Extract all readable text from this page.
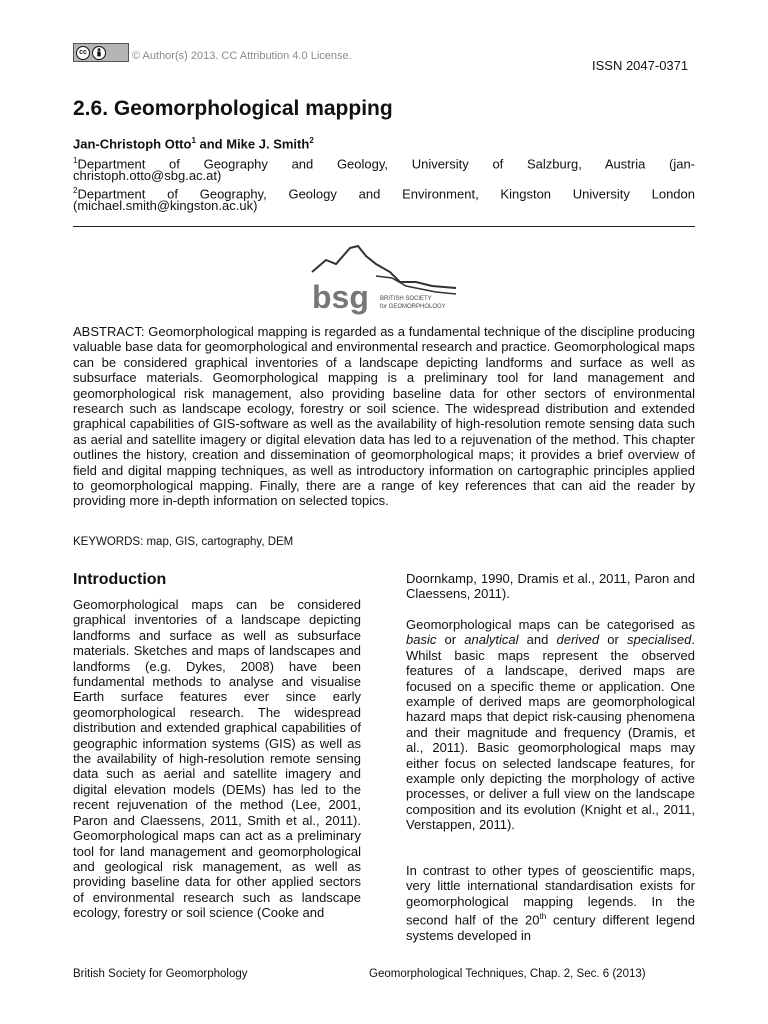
cc	© Author(s) 2013. CC Attribution 4.0 License.
ISSN 2047-0371
2.6. Geomorphological mapping
Jan-Christoph Otto$^1$ and Mike J. Smith$^2$
$^1$Department of Geography and Geology, University of Salzburg, Austria (jan-
christoph.otto@sbg.ac.at)
$^2$Department of Geography, Geology and Environment, Kingston University London
(michael.smith@kingston.ac.uk)
bsg BRITISH SOCIETY
for GEOMORPHOLOGY

ABSTRACT: Geomorphological mapping is regarded as a fundamental technique of the discipline producing valuable base data for geomorphological and environmental research and practice. Geomorphological maps can be considered graphical inventories of a landscape depicting landforms and surface as well as subsurface materials. Geomorphological mapping is a preliminary tool for land management and geomorphological risk management, also providing baseline data for other sectors of environmental research such as landscape ecology, forestry or soil science. The widespread distribution and extended graphical capabilities of GIS-software as well as the availability of high-resolution remote sensing data such as aerial and satellite imagery or digital elevation data has led to a rejuvenation of the method. This chapter outlines the history, creation and dissemination of geomorphological maps; it provides a brief overview of field and digital mapping techniques, as well as introductory information on cartographic principles applied to geomorphological mapping. Finally, there are a range of key references that can aid the reader by providing more in-depth information on selected topics.

KEYWORDS: map, GIS, cartography, DEM
Introduction

Geomorphological maps can be considered graphical inventories of a landscape depicting landforms and surface as well as subsurface materials. Sketches and maps of landscapes and landforms (e.g. Dykes, 2008) have been fundamental methods to analyse and visualise Earth surface features ever since early geomorphological research. The widespread distribution and extended graphical capabilities of geographic information systems (GIS) as well as the availability of high-resolution remote sensing data such as aerial and satellite imagery and digital elevation models (DEMs) has led to the recent rejuvenation of the method (Lee, 2001, Paron and Claessens, 2011, Smith et al., 2011). Geomorphological maps can act as a preliminary tool for land management and geomorphological and geological risk management, as well as providing baseline data for other applied sectors of environmental research such as landscape ecology, forestry or soil science (Cooke and

Doornkamp, 1990, Dramis et al., 2011, Paron and Claessens, 2011).

Geomorphological maps can be categorised as basic or analytical and derived or specialised. Whilst basic maps represent the observed features of a landscape, derived maps are focused on a specific theme or application. One example of derived maps are geomorphological hazard maps that depict risk-causing phenomena and their magnitude and frequency (Dramis, et al., 2011). Basic geomorphological maps may either focus on selected landscape features, for example only depicting the morphology of active processes, or deliver a full view on the landscape composition and its evolution (Knight et al., 2011, Verstappen, 2011).

In contrast to other types of geoscientific maps, very little international standardisation exists for geomorphological mapping legends. In the second half of the 20th century different legend systems developed in

British Society for Geomorphology	Geomorphological Techniques, Chap. 2, Sec. 6 (2013)
